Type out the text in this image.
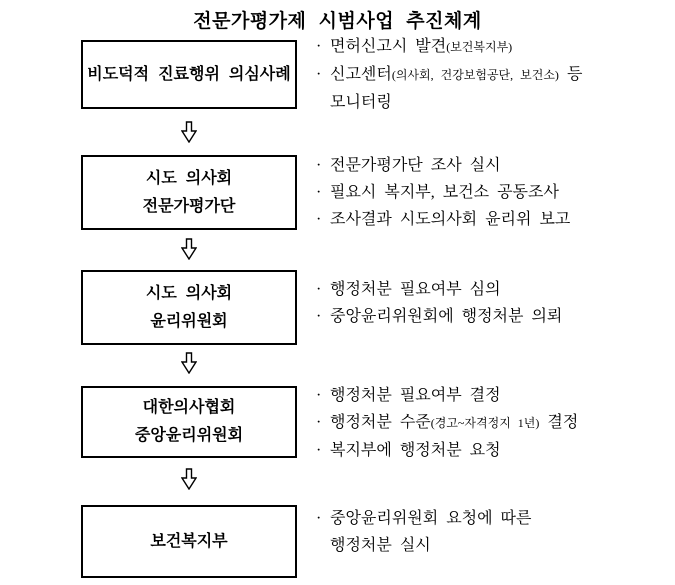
전문가평가제 시범사업 추진체계
비도덕적 진료행위 의심사례
시도 의사회
전문가평가단
시도 의사회
윤리위원회
대한의사협회
중앙윤리위원회
보건복지부
· 면허신고시 발견(보건복지부)
· 신고센터(의사회, 건강보험공단, 보건소) 등
모니터링
· 전문가평가단 조사 실시
· 필요시 복지부, 보건소 공동조사
· 조사결과 시도의사회 윤리위 보고
· 행정처분 필요여부 심의
· 중앙윤리위원회에 행정처분 의뢰
· 행정처분 필요여부 결정
· 행정처분 수준(경고~자격정지 1년) 결정
· 복지부에 행정처분 요청
· 중앙윤리위원회 요청에 따른
행정처분 실시
